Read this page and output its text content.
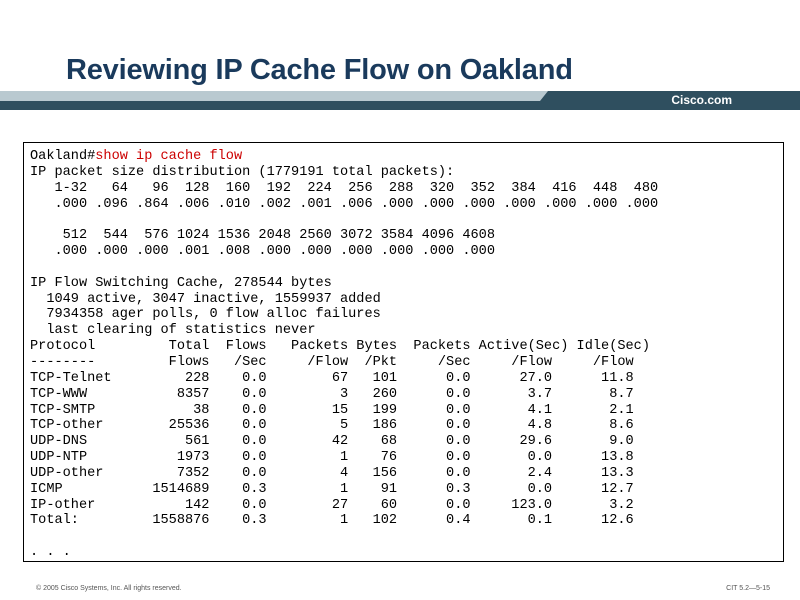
Reviewing IP Cache Flow on Oakland
Cisco.com
Oakland#show ip cache flow
IP packet size distribution (1779191 total packets):
1-32   64   96  128  160  192  224  256  288  320  352  384  416  448  480
.000 .096 .864 .006 .010 .002 .001 .006 .000 .000 .000 .000 .000 .000 .000

512  544  576 1024 1536 2048 2560 3072 3584 4096 4608
.000 .000 .000 .001 .008 .000 .000 .000 .000 .000 .000

IP Flow Switching Cache, 278544 bytes
1049 active, 3047 inactive, 1559937 added
7934358 ager polls, 0 flow alloc failures
last clearing of statistics never
Protocol         Total  Flows   Packets Bytes  Packets Active(Sec) Idle(Sec)
--------         Flows   /Sec     /Flow  /Pkt     /Sec     /Flow     /Flow
TCP-Telnet         228    0.0        67   101      0.0      27.0      11.8
TCP-WWW           8357    0.0         3   260      0.0       3.7       8.7
TCP-SMTP            38    0.0        15   199      0.0       4.1       2.1
TCP-other        25536    0.0         5   186      0.0       4.8       8.6
UDP-DNS            561    0.0        42    68      0.0      29.6       9.0
UDP-NTP           1973    0.0         1    76      0.0       0.0      13.8
UDP-other         7352    0.0         4   156      0.0       2.4      13.3
ICMP           1514689    0.3         1    91      0.3       0.0      12.7
IP-other           142    0.0        27    60      0.0     123.0       3.2
Total:         1558876    0.3         1   102      0.4       0.1      12.6

. . .
© 2005 Cisco Systems, Inc. All rights reserved.	CIT 5.2—5-15
